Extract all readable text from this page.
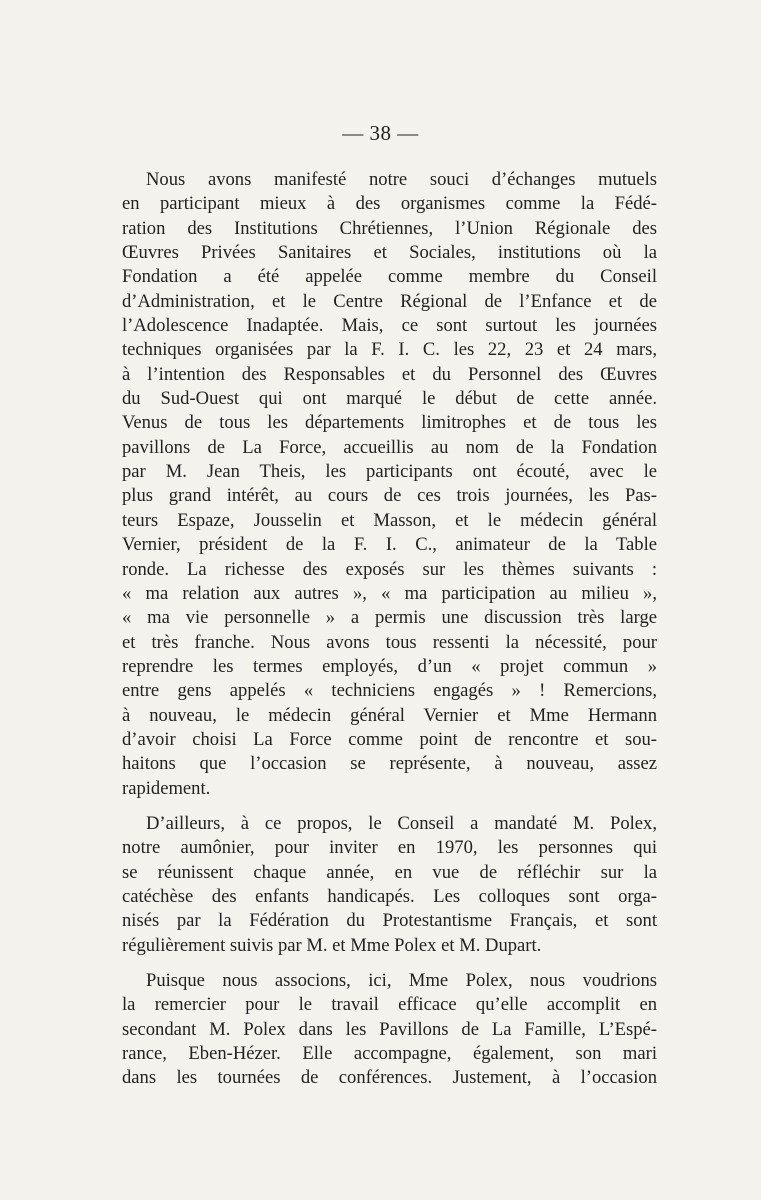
— 38 —
Nous avons manifesté notre souci d’échanges mutuels
en participant mieux à des organismes comme la Fédé-
ration des Institutions Chrétiennes, l’Union Régionale des
Œuvres Privées Sanitaires et Sociales, institutions où la
Fondation a été appelée comme membre du Conseil
d’Administration, et le Centre Régional de l’Enfance et de
l’Adolescence Inadaptée. Mais, ce sont surtout les journées
techniques organisées par la F. I. C. les 22, 23 et 24 mars,
à l’intention des Responsables et du Personnel des Œuvres
du Sud-Ouest qui ont marqué le début de cette année.
Venus de tous les départements limitrophes et de tous les
pavillons de La Force, accueillis au nom de la Fondation
par M. Jean Theis, les participants ont écouté, avec le
plus grand intérêt, au cours de ces trois journées, les Pas-
teurs Espaze, Jousselin et Masson, et le médecin général
Vernier, président de la F. I. C., animateur de la Table
ronde. La richesse des exposés sur les thèmes suivants :
« ma relation aux autres », « ma participation au milieu »,
« ma vie personnelle » a permis une discussion très large
et très franche. Nous avons tous ressenti la nécessité, pour
reprendre les termes employés, d’un « projet commun »
entre gens appelés « techniciens engagés » ! Remercions,
à nouveau, le médecin général Vernier et Mme Hermann
d’avoir choisi La Force comme point de rencontre et sou-
haitons que l’occasion se représente, à nouveau, assez
rapidement.
D’ailleurs, à ce propos, le Conseil a mandaté M. Polex,
notre aumônier, pour inviter en 1970, les personnes qui
se réunissent chaque année, en vue de réfléchir sur la
catéchèse des enfants handicapés. Les colloques sont orga-
nisés par la Fédération du Protestantisme Français, et sont
régulièrement suivis par M. et Mme Polex et M. Dupart.
Puisque nous associons, ici, Mme Polex, nous voudrions
la remercier pour le travail efficace qu’elle accomplit en
secondant M. Polex dans les Pavillons de La Famille, L’Espé-
rance, Eben-Hézer. Elle accompagne, également, son mari
dans les tournées de conférences. Justement, à l’occasion
